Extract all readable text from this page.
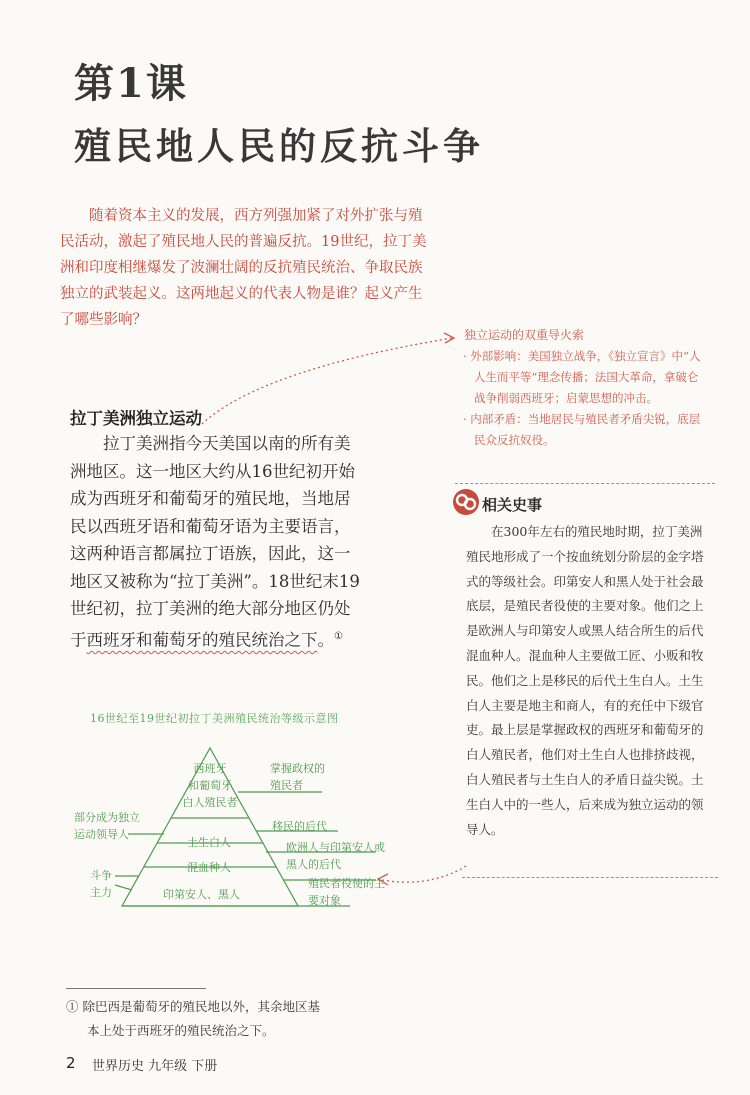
第1课
殖民地人民的反抗斗争

随着资本主义的发展，西方列强加紧了对外扩张与殖民活动，激起了殖民地人民的普遍反抗。19世纪，拉丁美洲和印度相继爆发了波澜壮阔的反抗殖民统治、争取民族独立的武装起义。这两地起义的代表人物是谁？起义产生了哪些影响？

拉丁美洲独立运动

拉丁美洲指今天美国以南的所有美洲地区。这一地区大约从16世纪初开始成为西班牙和葡萄牙的殖民地，当地居民以西班牙语和葡萄牙语为主要语言，这两种语言都属拉丁语族，因此，这一地区又被称为“拉丁美洲”。18世纪末19世纪初，拉丁美洲的绝大部分地区仍处于西班牙和葡萄牙的殖民统治之下。①

独立运动的双重导火索
· 外部影响：美国独立战争，《独立宣言》中“人人生而平等”理念传播；法国大革命，拿破仑战争削弱西班牙；启蒙思想的冲击。
· 内部矛盾：当地居民与殖民者矛盾尖锐，底层民众反抗奴役。
相关史事

在300年左右的殖民地时期，拉丁美洲殖民地形成了一个按血统划分阶层的金字塔式的等级社会。印第安人和黑人处于社会最底层，是殖民者役使的主要对象。他们之上是欧洲人与印第安人或黑人结合所生的后代混血种人。混血种人主要做工匠、小贩和牧民。他们之上是移民的后代土生白人。土生白人主要是地主和商人，有的充任中下级官吏。最上层是掌握政权的西班牙和葡萄牙的白人殖民者，他们对土生白人也排挤歧视，白人殖民者与土生白人的矛盾日益尖锐。土生白人中的一些人，后来成为独立运动的领导人。

16世纪至19世纪初拉丁美洲殖民统治等级示意图
西班牙
和葡萄牙
白人殖民者
土生白人
混血种人
印第安人、黑人
掌握政权的殖民者
移民的后代
欧洲人与印第安人或黑人的后代
殖民者役使的主要对象
部分成为独立运动领导人
斗争主力
① 除巴西是葡萄牙的殖民地以外，其余地区基
本上处于西班牙的殖民统治之下。
2 世界历史 九年级 下册
